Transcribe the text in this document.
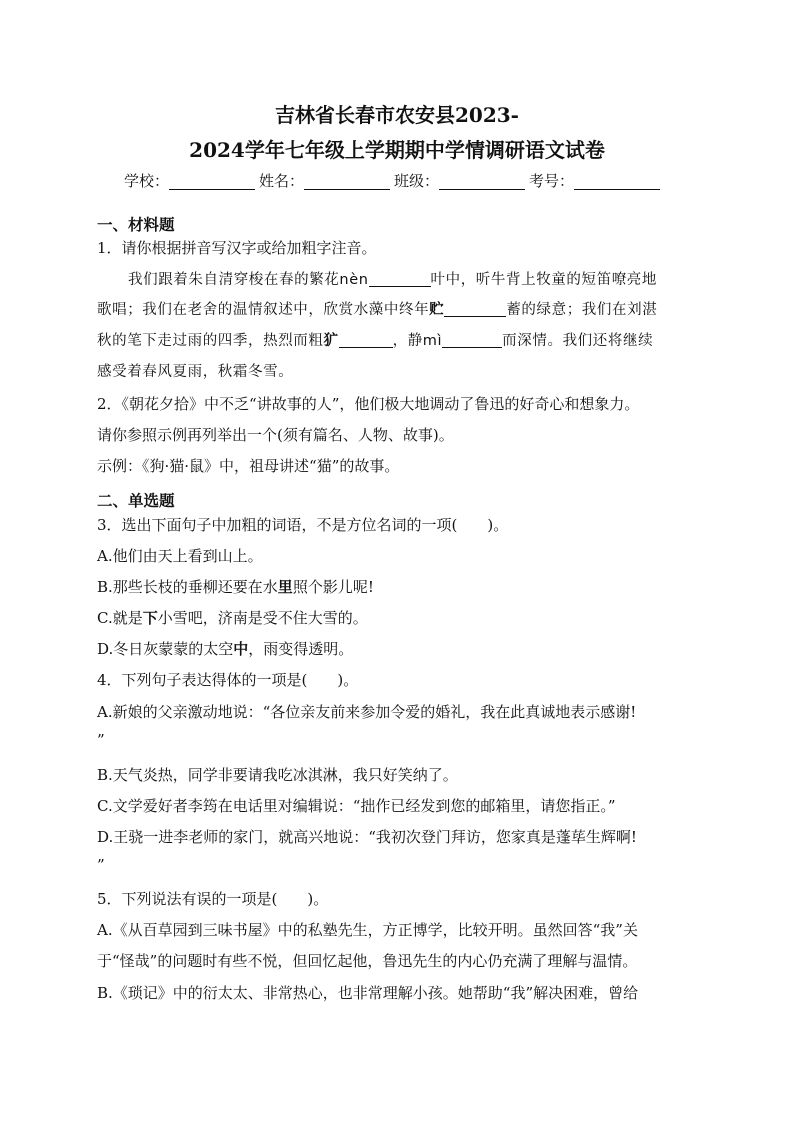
吉林省长春市农安县2023-
2024学年七年级上学期期中学情调研语文试卷
学校：	姓名：	班级：	考号：
一、材料题
1．请你根据拼音写汉字或给加粗字注音。
我们跟着朱自清穿梭在春的繁花nèn	叶中，听牛背上牧童的短笛嘹亮地
歌唱；我们在老舍的温情叙述中，欣赏水藻中终年贮	蓄的绿意；我们在刘湛
秋的笔下走过雨的四季，热烈而粗犷	，静mì	而深情。我们还将继续
感受着春风夏雨，秋霜冬雪。
2．《朝花夕拾》中不乏“讲故事的人”，他们极大地调动了鲁迅的好奇心和想象力。
请你参照示例再列举出一个(须有篇名、人物、故事)。
示例：《狗·猫·鼠》中，祖母讲述“猫”的故事。
二、单选题
3．选出下面句子中加粗的词语，不是方位名词的一项(　　)。
A.他们由天上看到山上。
B.那些长枝的垂柳还要在水里照个影儿呢!
C.就是下小雪吧，济南是受不住大雪的。
D.冬日灰蒙蒙的太空中，雨变得透明。
4．下列句子表达得体的一项是(　　)。
A.新娘的父亲激动地说：“各位亲友前来参加令爱的婚礼，我在此真诚地表示感谢!
”
B.天气炎热，同学非要请我吃冰淇淋，我只好笑纳了。
C.文学爱好者李筠在电话里对编辑说：“拙作已经发到您的邮箱里，请您指正。”
D.王骁一进李老师的家门，就高兴地说：“我初次登门拜访，您家真是蓬荜生辉啊!
”
5．下列说法有误的一项是(　　)。
A.《从百草园到三味书屋》中的私塾先生，方正博学，比较开明。虽然回答“我”关
于“怪哉”的问题时有些不悦，但回忆起他，鲁迅先生的内心仍充满了理解与温情。
B.《琐记》中的衍太太、非常热心，也非常理解小孩。她帮助“我”解决困难，曾给
